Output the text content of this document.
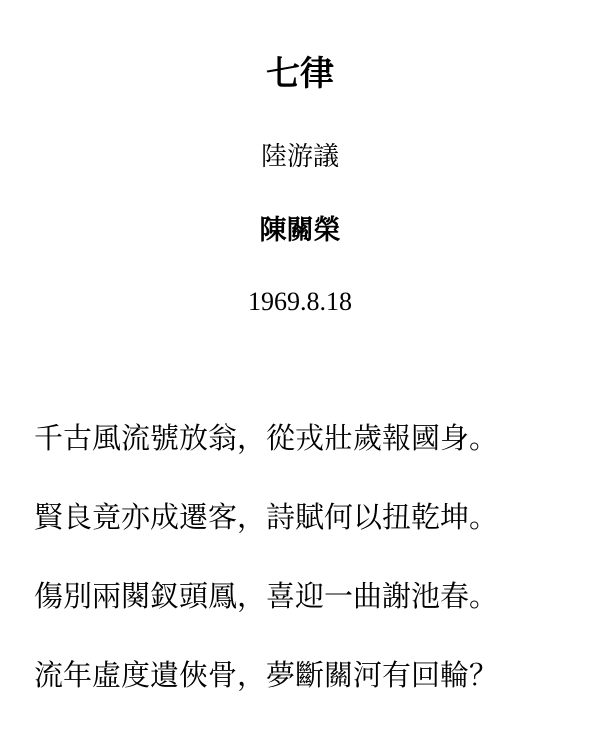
七律
陸游議
陳關榮
1969.8.18
千古風流號放翁，從戎壯歲報國身。
賢良竟亦成遷客，詩賦何以扭乾坤。
傷別兩闋釵頭鳳，喜迎一曲謝池春。
流年虛度遺俠骨，夢斷關河有回輪？
